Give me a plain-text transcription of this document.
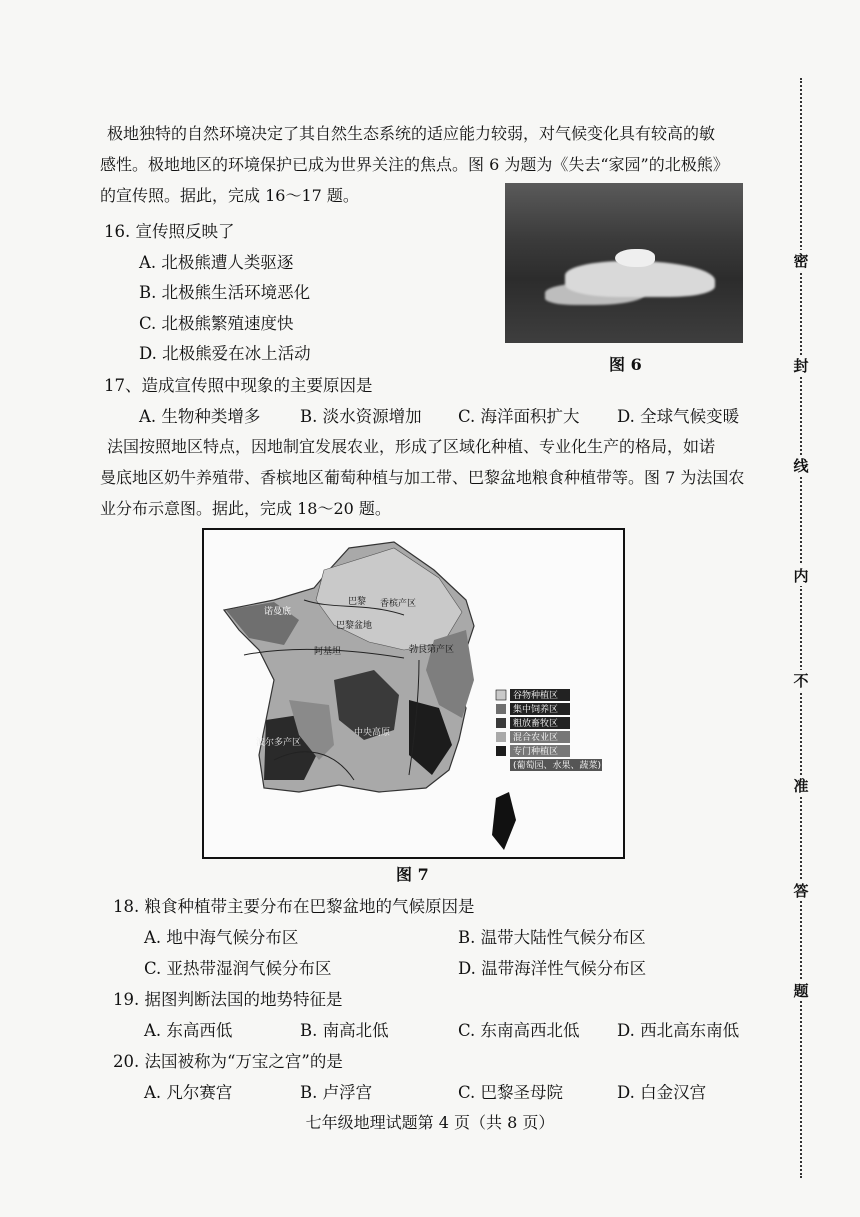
极地独特的自然环境决定了其自然生态系统的适应能力较弱，对气候变化具有较高的敏
感性。极地地区的环境保护已成为世界关注的焦点。图 6 为题为《失去“家园”的北极熊》
的宣传照。据此，完成 16～17 题。
16. 宣传照反映了
A. 北极熊遭人类驱逐
B. 北极熊生活环境恶化
C. 北极熊繁殖速度快
D. 北极熊爱在冰上活动
图 6
17、造成宣传照中现象的主要原因是
A. 生物种类增多 B. 淡水资源增加 C. 海洋面积扩大 D. 全球气候变暖
法国按照地区特点，因地制宜发展农业，形成了区域化种植、专业化生产的格局，如诺
曼底地区奶牛养殖带、香槟地区葡萄种植与加工带、巴黎盆地粮食种植带等。图 7 为法国农
业分布示意图。据此，完成 18～20 题。
诺曼底
香槟产区
巴黎
巴黎盆地
阿基坦
中央高原
波尔多产区
勃艮第产区
谷物种植区
集中饲养区
粗放畜牧区
混合农业区
专门种植区
(葡萄园、水果、蔬菜)
图 7
18. 粮食种植带主要分布在巴黎盆地的气候原因是
A. 地中海气候分布区	B. 温带大陆性气候分布区
C. 亚热带湿润气候分布区	D. 温带海洋性气候分布区
19. 据图判断法国的地势特征是
A. 东高西低	B. 南高北低	C. 东南高西北低 D. 西北高东南低
20. 法国被称为“万宝之宫”的是
A. 凡尔赛宫	B. 卢浮宫	C. 巴黎圣母院	D. 白金汉宫
七年级地理试题第 4 页（共 8 页）
密
封
线
内
不
准
答
题
